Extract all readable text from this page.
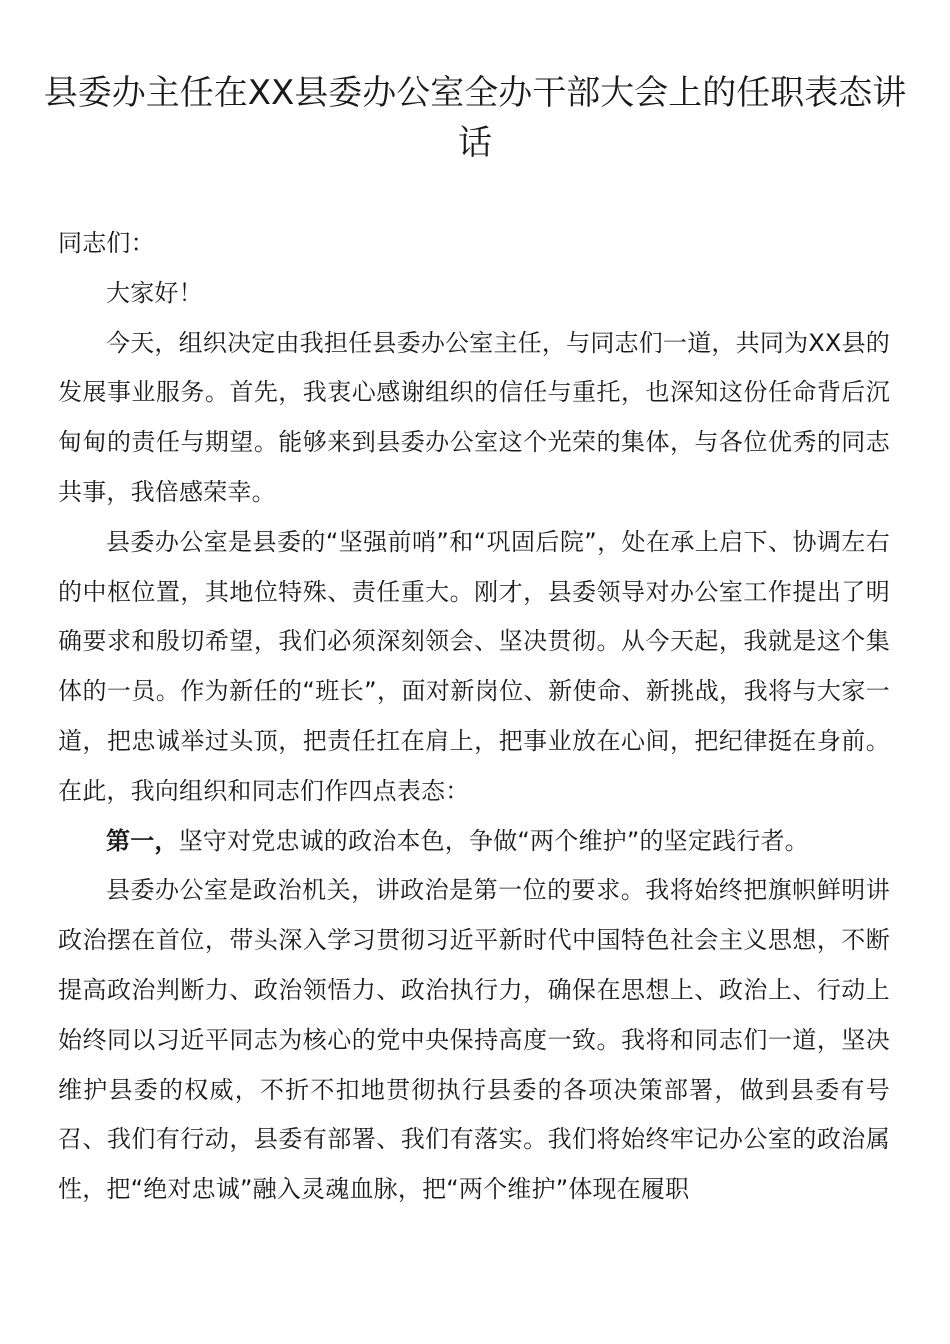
县委办主任在XX县委办公室全办干部大会上的任职表态讲话

同志们：

大家好！

今天，组织决定由我担任县委办公室主任，与同志们一道，共同为XX县的发展事业服务。首先，我衷心感谢组织的信任与重托，也深知这份任命背后沉甸甸的责任与期望。能够来到县委办公室这个光荣的集体，与各位优秀的同志共事，我倍感荣幸。

县委办公室是县委的“坚强前哨”和“巩固后院”，处在承上启下、协调左右的中枢位置，其地位特殊、责任重大。刚才，县委领导对办公室工作提出了明确要求和殷切希望，我们必须深刻领会、坚决贯彻。从今天起，我就是这个集体的一员。作为新任的“班长”，面对新岗位、新使命、新挑战，我将与大家一道，把忠诚举过头顶，把责任扛在肩上，把事业放在心间，把纪律挺在身前。在此，我向组织和同志们作四点表态：

第一，坚守对党忠诚的政治本色，争做“两个维护”的坚定践行者。

县委办公室是政治机关，讲政治是第一位的要求。我将始终把旗帜鲜明讲政治摆在首位，带头深入学习贯彻习近平新时代中国特色社会主义思想，不断提高政治判断力、政治领悟力、政治执行力，确保在思想上、政治上、行动上始终同以习近平同志为核心的党中央保持高度一致。我将和同志们一道，坚决维护县委的权威，不折不扣地贯彻执行县委的各项决策部署，做到县委有号召、我们有行动，县委有部署、我们有落实。我们将始终牢记办公室的政治属性，把“绝对忠诚”融入灵魂血脉，把“两个维护”体现在履职
